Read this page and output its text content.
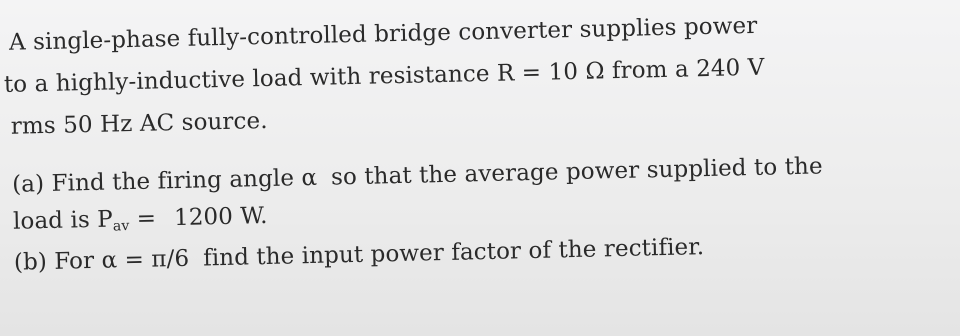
A single-phase fully-controlled bridge converter supplies power
to a highly-inductive load with resistance R = 10 Ω from a 240 V
rms 50 Hz AC source.
(a) Find the firing angle α so that the average power supplied to the
load is $P_{av} = 1200$ W.
(b) For α = π/6 find the input power factor of the rectifier.
